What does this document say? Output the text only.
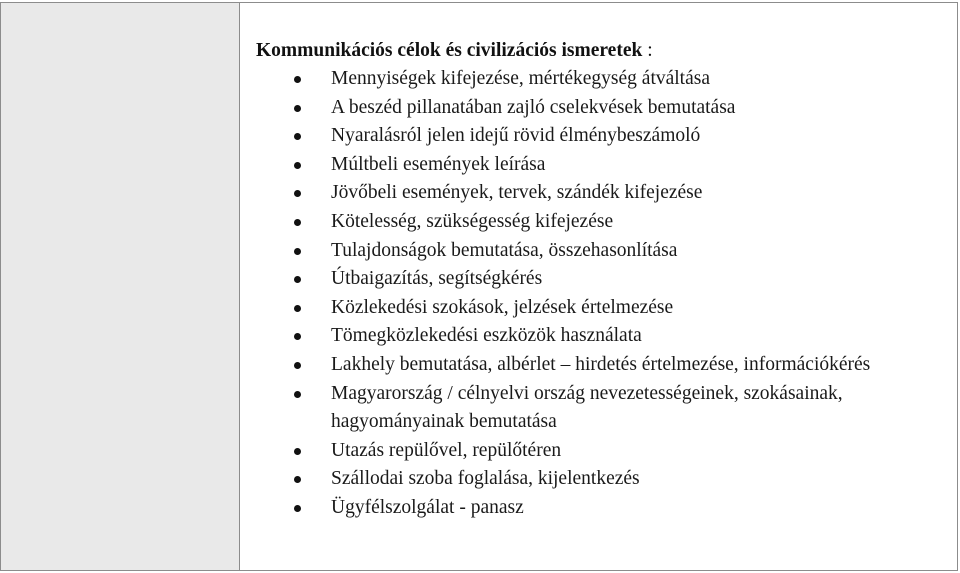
Kommunikációs célok és civilizációs ismeretek :

Mennyiségek kifejezése, mértékegység átváltása
A beszéd pillanatában zajló cselekvések bemutatása
Nyaralásról jelen idejű rövid élménybeszámoló
Múltbeli események leírása
Jövőbeli események, tervek, szándék kifejezése
Kötelesség, szükségesség kifejezése
Tulajdonságok bemutatása, összehasonlítása
Útbaigazítás, segítségkérés
Közlekedési szokások, jelzések értelmezése
Tömegközlekedési eszközök használata
Lakhely bemutatása, albérlet – hirdetés értelmezése, információkérés
Magyarország / célnyelvi ország nevezetességeinek, szokásainak, hagyományainak bemutatása
Utazás repülővel, repülőtéren
Szállodai szoba foglalása, kijelentkezés
Ügyfélszolgálat - panasz
